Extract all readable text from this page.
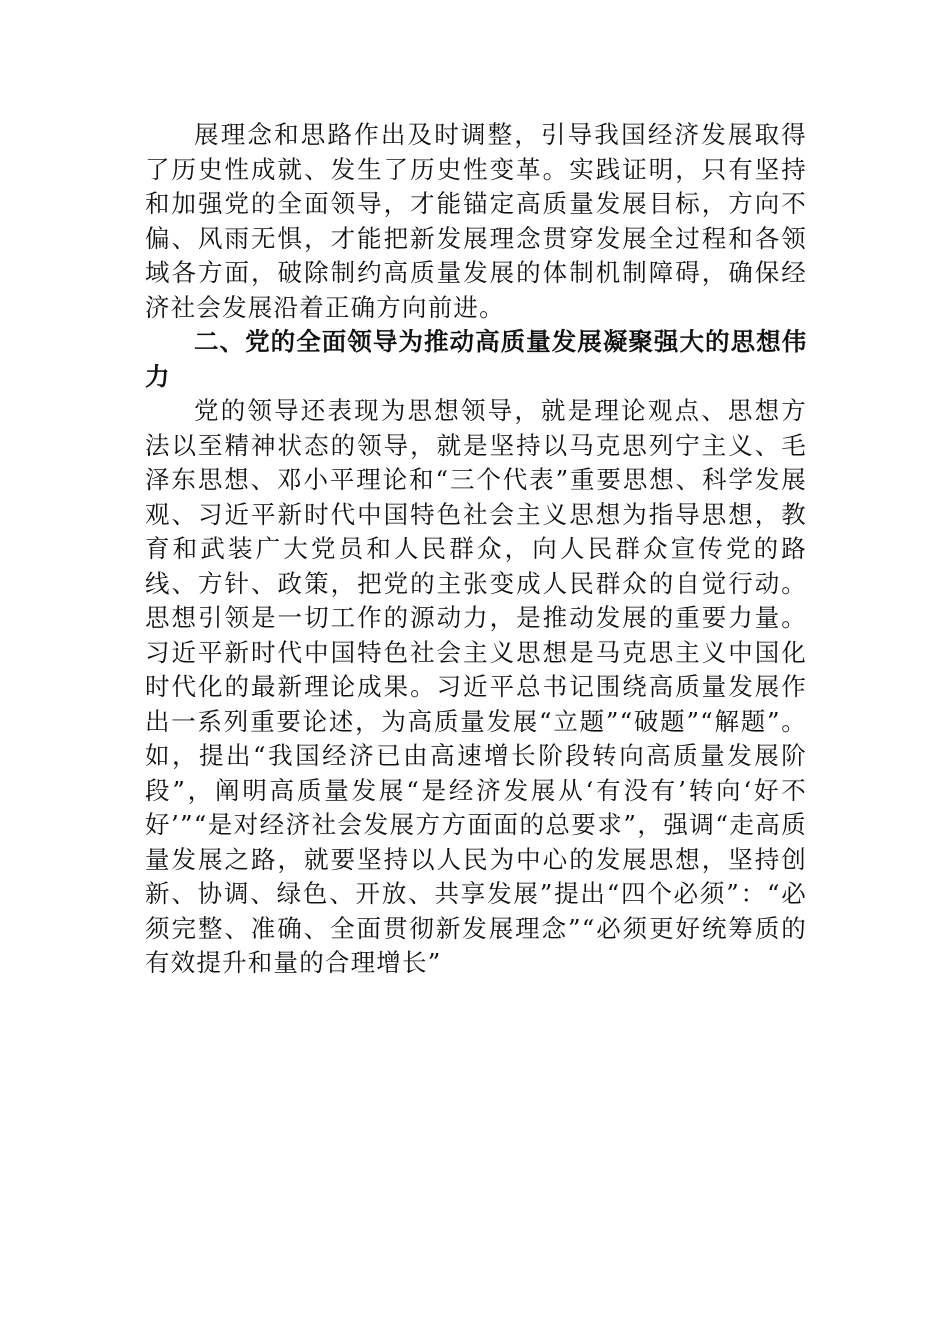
展理念和思路作出及时调整，引导我国经济发展取得了历史性成就、发生了历史性变革。实践证明，只有坚持和加强党的全面领导，才能锚定高质量发展目标，方向不偏、风雨无惧，才能把新发展理念贯穿发展全过程和各领域各方面，破除制约高质量发展的体制机制障碍，确保经济社会发展沿着正确方向前进。

二、党的全面领导为推动高质量发展凝聚强大的思想伟力

党的领导还表现为思想领导，就是理论观点、思想方法以至精神状态的领导，就是坚持以马克思列宁主义、毛泽东思想、邓小平理论和“三个代表”重要思想、科学发展观、习近平新时代中国特色社会主义思想为指导思想，教育和武装广大党员和人民群众，向人民群众宣传党的路线、方针、政策，把党的主张变成人民群众的自觉行动。思想引领是一切工作的源动力，是推动发展的重要力量。习近平新时代中国特色社会主义思想是马克思主义中国化时代化的最新理论成果。习近平总书记围绕高质量发展作出一系列重要论述，为高质量发展“立题”“破题”“解题”。如，提出“我国经济已由高速增长阶段转向高质量发展阶段”，阐明高质量发展“是经济发展从‘有没有’转向‘好不好’”“是对经济社会发展方方面面的总要求”，强调“走高质量发展之路，就要坚持以人民为中心的发展思想，坚持创新、协调、绿色、开放、共享发展”提出“四个必须”：“必须完整、准确、全面贯彻新发展理念”“必须更好统筹质的有效提升和量的合理增长”
